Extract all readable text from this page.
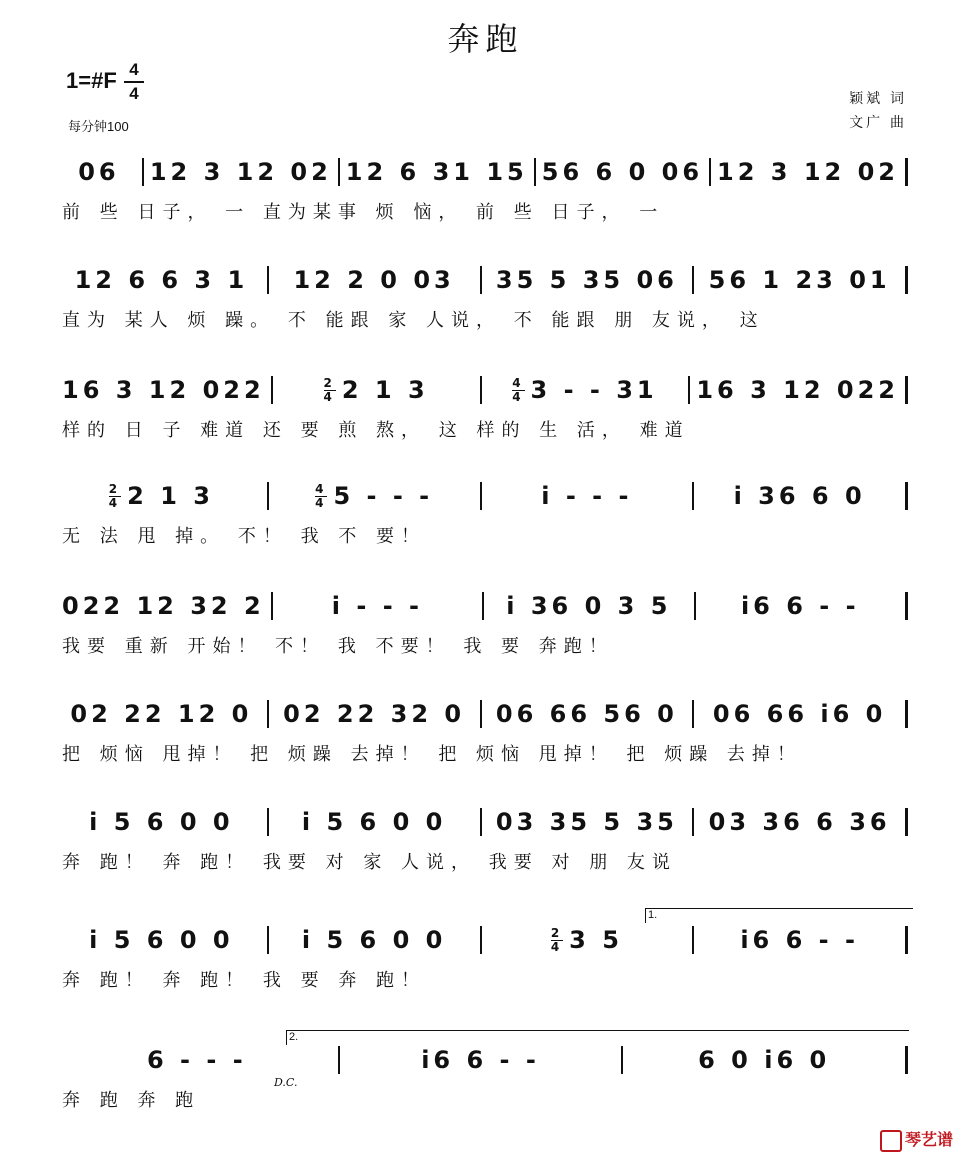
奔跑
1=#F 4
4
每分钟100
颖斌 词
文广 曲
06	12 3 12 02 12 6 31 15 56 6 0 06 12 3 12 02
前 些 日子， 一 直为某事 烦 恼， 前 些 日子， 一
12 6 6 3 1	12 2 0 03	35 5 35 06	56 1 23 01
直为 某人 烦 躁。 不 能跟 家 人说， 不 能跟 朋 友说， 这
16 3 12 022	$\frac{2}{4} 2$ 1 3	$\frac{4}{4} 3$ - - 31	16 3 12 022
样的 日 子 难道 还 要 煎 熬， 这 样的 生 活， 难道
$\frac{2}{4} 2$ 1 3	$\frac{4}{4} 5$ - - -	i - - -	i 36 6 0
无 法 甩 掉。 不！ 我 不 要！
022 12 32 2	i - - -	i 36 0 3 5	i6 6 - -
我要 重新 开始！ 不！ 我 不要！ 我 要 奔跑！
02 22 12 0	02 22 32 0	06 66 56 0	06 66 i6 0
把 烦恼 甩掉！ 把 烦躁 去掉！ 把 烦恼 甩掉！ 把 烦躁 去掉！
i 5 6 0 0	i 5 6 0 0	03 35 5 35	03 36 6 36
奔 跑！ 奔 跑！ 我要 对 家 人说， 我要 对 朋 友说
i 5 6 0 0	i 5 6 0 0	$\frac{2}{4} 3$ 5	i6 6 - -
奔 跑！ 奔 跑！ 我 要 奔 跑！
6 - - -	i6 6 - -	6 0 i6 0
奔 跑 奔 跑
1.
2.
D.C.
琴艺谱
